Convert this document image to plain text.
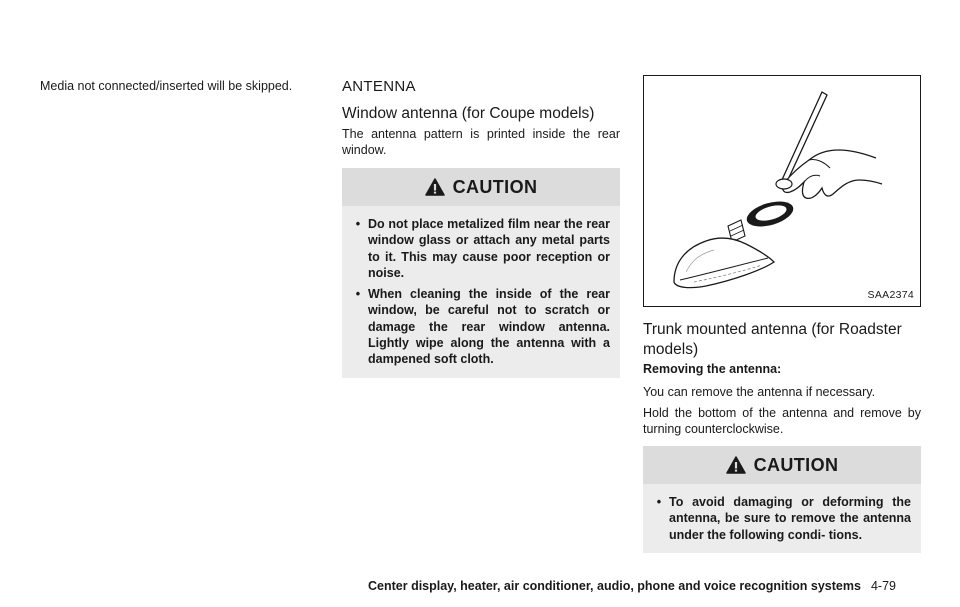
Media not connected/inserted will be skipped.	ANTENNA
Window antenna (for Coupe models)

The antenna pattern is printed inside the rear window.

CAUTION
• Do not place metalized film near the rear window glass or attach any metal parts to it. This may cause poor reception or noise.
• When cleaning the inside of the rear window, be careful not to scratch or damage the rear window antenna. Lightly wipe along the antenna with a dampened soft cloth.
SAA2374
Trunk mounted antenna (for Roadster models)
Removing the antenna:

You can remove the antenna if necessary.

Hold the bottom of the antenna and remove by turning counterclockwise.

CAUTION
• To avoid damaging or deforming the antenna, be sure to remove the antenna under the following condi- tions.
Center display, heater, air conditioner, audio, phone and voice recognition systems 4-79
